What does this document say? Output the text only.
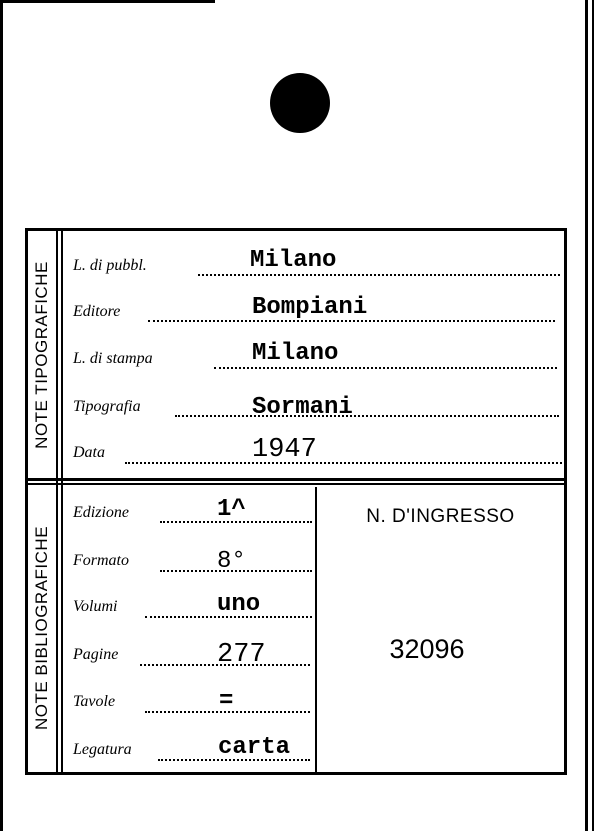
NOTE TIPOGRAFICHE
NOTE BIBLIOGRAFICHE
L. di pubbl.	Milano
Editore	Bompiani
L. di stampa	Milano
Tipografia	Sormani
Data	1947
Edizione	1^
Formato	8°
Volumi	uno
Pagine	277
Tavole	=
Legatura	carta
N. D'INGRESSO
32096
